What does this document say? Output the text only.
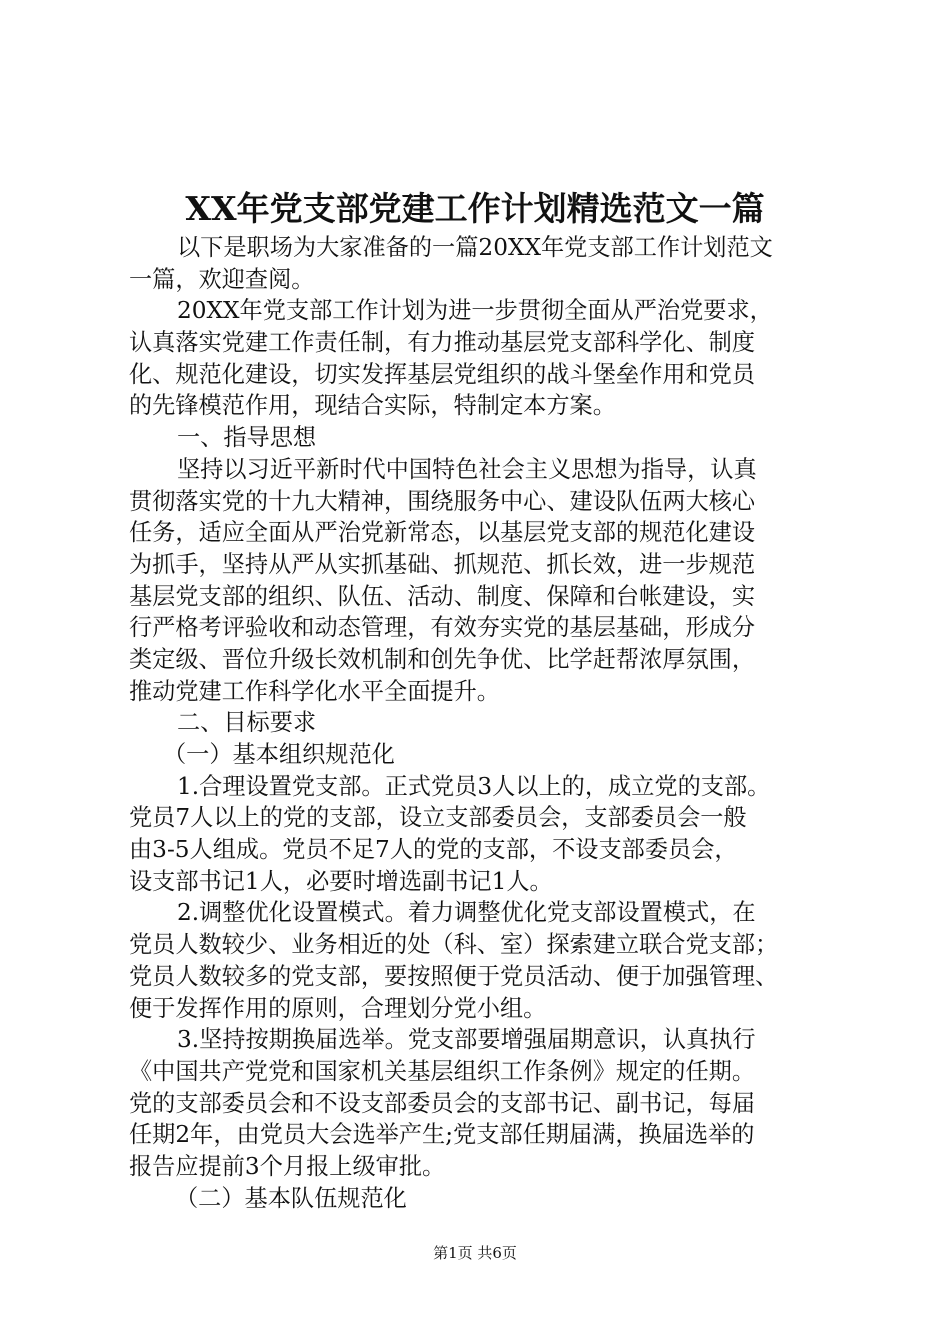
XX年党支部党建工作计划精选范文一篇
以下是职场为大家准备的一篇20XX年党支部工作计划范文
一篇，欢迎查阅。
20XX年党支部工作计划为进一步贯彻全面从严治党要求，
认真落实党建工作责任制，有力推动基层党支部科学化、制度
化、规范化建设，切实发挥基层党组织的战斗堡垒作用和党员
的先锋模范作用，现结合实际，特制定本方案。
一、指导思想
坚持以习近平新时代中国特色社会主义思想为指导，认真
贯彻落实党的十九大精神，围绕服务中心、建设队伍两大核心
任务，适应全面从严治党新常态，以基层党支部的规范化建设
为抓手，坚持从严从实抓基础、抓规范、抓长效，进一步规范
基层党支部的组织、队伍、活动、制度、保障和台帐建设，实
行严格考评验收和动态管理，有效夯实党的基层基础，形成分
类定级、晋位升级长效机制和创先争优、比学赶帮浓厚氛围，
推动党建工作科学化水平全面提升。
二、目标要求
（一）基本组织规范化
1.合理设置党支部。正式党员3人以上的，成立党的支部。
党员7人以上的党的支部，设立支部委员会，支部委员会一般
由3-5人组成。党员不足7人的党的支部，不设支部委员会，
设支部书记1人，必要时增选副书记1人。
2.调整优化设置模式。着力调整优化党支部设置模式，在
党员人数较少、业务相近的处（科、室）探索建立联合党支部；
党员人数较多的党支部，要按照便于党员活动、便于加强管理、
便于发挥作用的原则，合理划分党小组。
3.坚持按期换届选举。党支部要增强届期意识，认真执行
《中国共产党党和国家机关基层组织工作条例》规定的任期。
党的支部委员会和不设支部委员会的支部书记、副书记，每届
任期2年，由党员大会选举产生;党支部任期届满，换届选举的
报告应提前3个月报上级审批。
（二）基本队伍规范化
第1页 共6页
